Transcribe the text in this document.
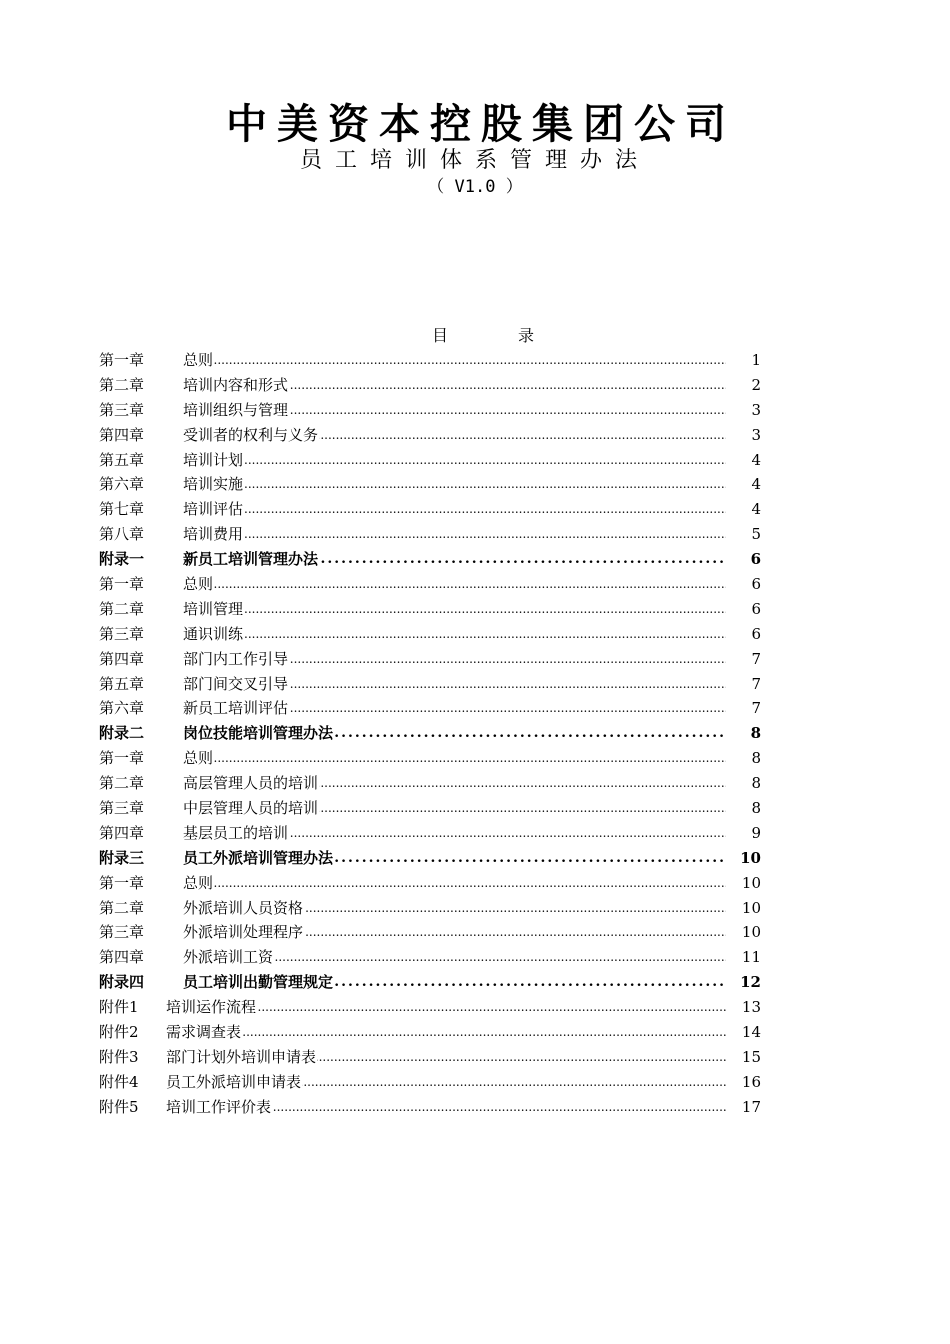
中美资本控股集团公司
员工培训体系管理办法
（ V1.0 ）
目	录
第一章	总则 .....	1
第二章	培训内容和形式 .....	2
第三章	培训组织与管理 .....	3
第四章	受训者的权利与义务 .....	3
第五章	培训计划 .....	4
第六章	培训实施 .....	4
第七章	培训评估 .....	4
第八章	培训费用 .....	5
附录一	新员工培训管理办法 .....	6
第一章	总则 .....	6
第二章	培训管理 .....	6
第三章	通识训练 .....	6
第四章	部门内工作引导 .....	7
第五章	部门间交叉引导 .....	7
第六章	新员工培训评估 .....	7
附录二	岗位技能培训管理办法 .....	8
第一章	总则 .....	8
第二章	高层管理人员的培训 .....	8
第三章	中层管理人员的培训 .....	8
第四章	基层员工的培训 .....	9
附录三	员工外派培训管理办法 .....	10
第一章	总则 .....	10
第二章	外派培训人员资格 .....	10
第三章	外派培训处理程序 .....	10
第四章	外派培训工资 .....	11
附录四	员工培训出勤管理规定 .....	12
附件1 培训运作流程 .....	13
附件2 需求调查表 .....	14
附件3 部门计划外培训申请表 .....	15
附件4 员工外派培训申请表 .....	16
附件5 培训工作评价表 .....	17
